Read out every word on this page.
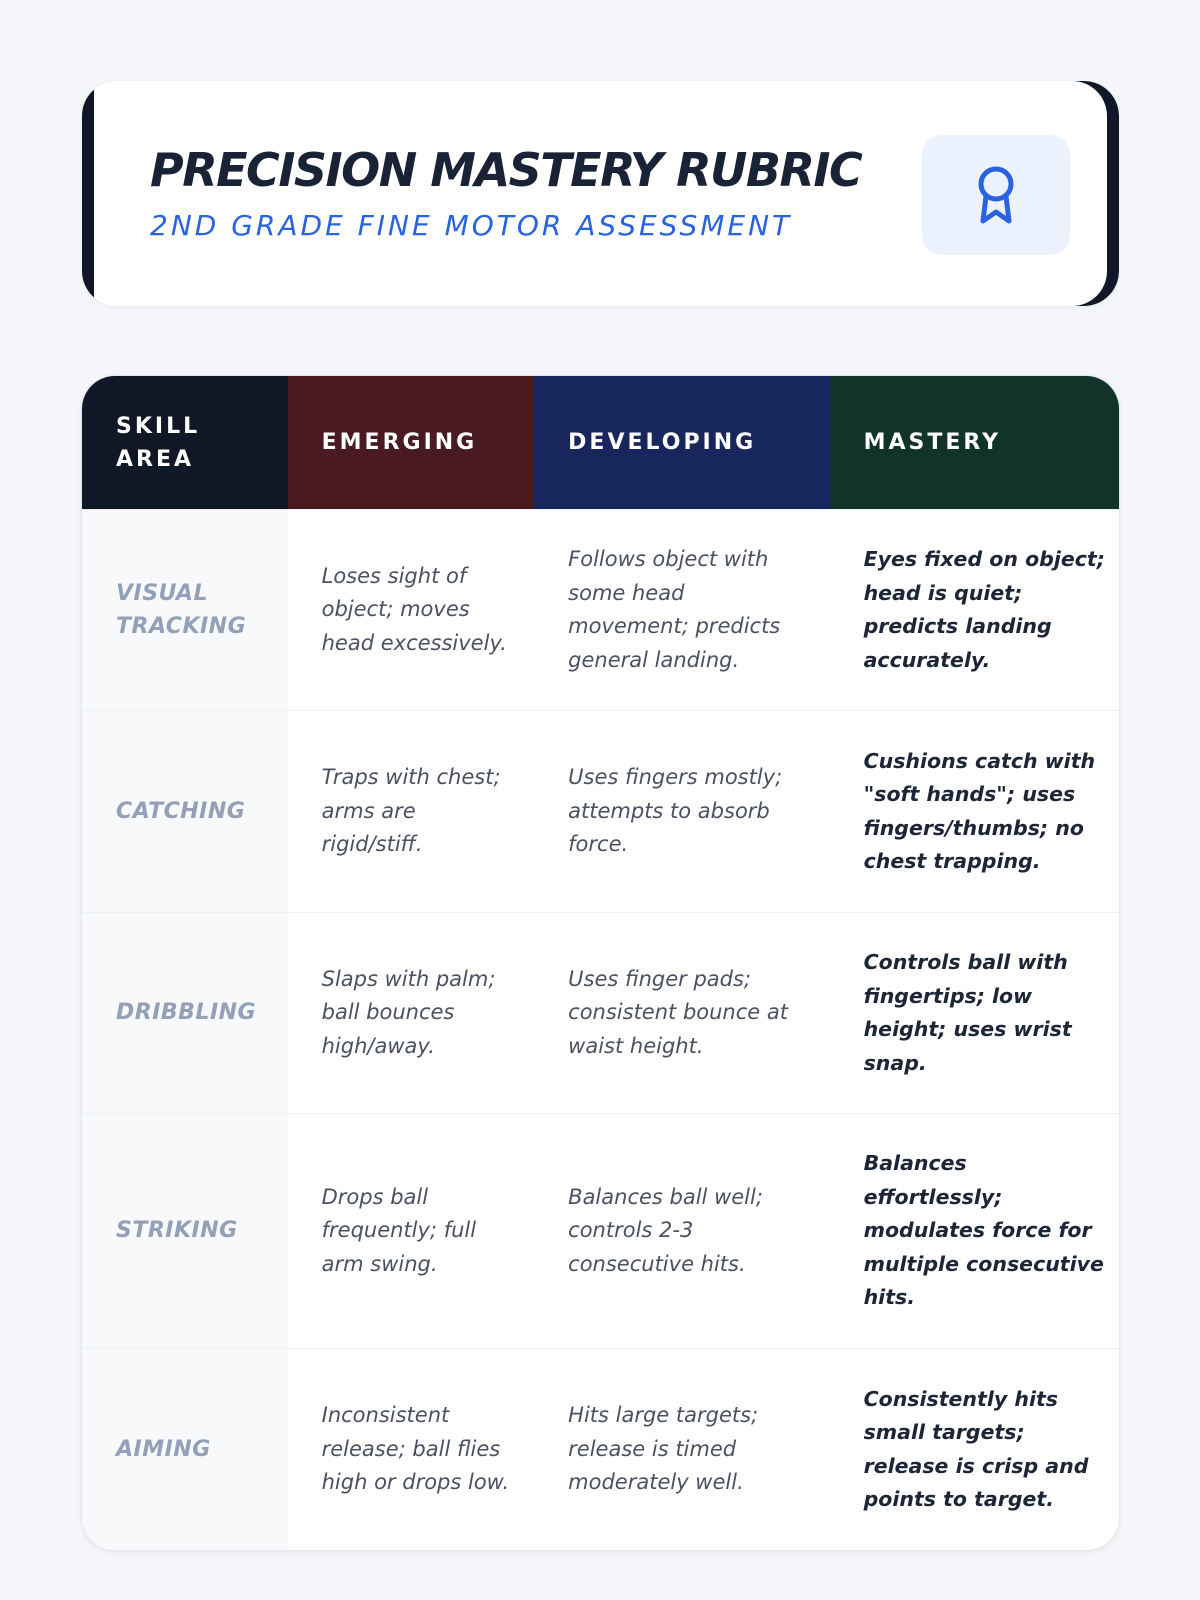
PRECISION MASTERY RUBRIC
2ND GRADE FINE MOTOR ASSESSMENT
SKILL AREA
EMERGING	DEVELOPING	MASTERY
VISUAL TRACKING
Loses sight of object; moves head excessively.
Follows object with some head movement; predicts general landing.
Eyes fixed on object; head is quiet; predicts landing accurately.
CATCHING
Traps with chest; arms are rigid/stiff.
Uses fingers mostly; attempts to absorb force.
Cushions catch with "soft hands"; uses fingers/thumbs; no chest trapping.
DRIBBLING
Slaps with palm; ball bounces high/away.
Uses finger pads; consistent bounce at waist height.
Controls ball with fingertips; low height; uses wrist snap.
STRIKING
Drops ball frequently; full arm swing.
Balances ball well; controls 2-3 consecutive hits.
Balances effortlessly; modulates force for multiple consecutive hits.
AIMING
Inconsistent release; ball flies high or drops low.
Hits large targets; release is timed moderately well.
Consistently hits small targets; release is crisp and points to target.
